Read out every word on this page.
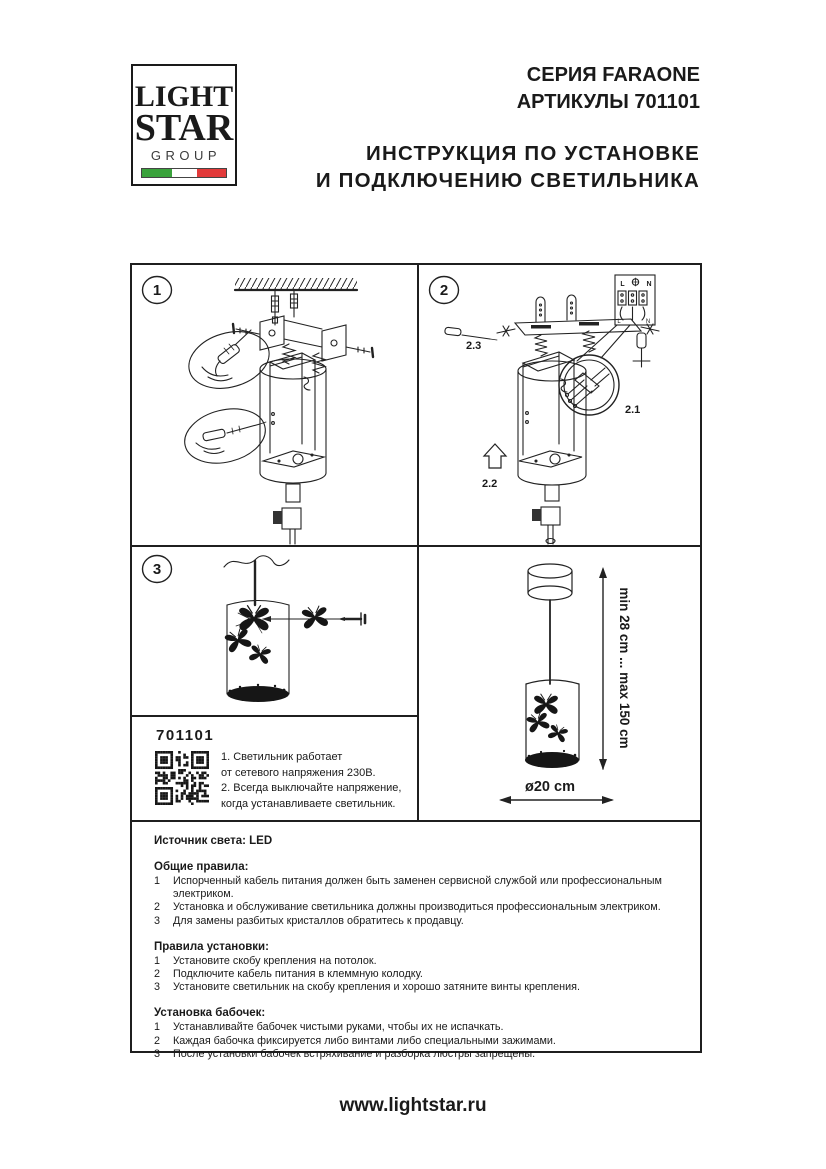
LIGHT
STAR
GROUP
СЕРИЯ FARAONE
АРТИКУЛЫ 701101
ИНСТРУКЦИЯ ПО УСТАНОВКЕ
И ПОДКЛЮЧЕНИЮ СВЕТИЛЬНИКА
1	2	L	N
L	N
2.3
2.1
2.2
3
701101
1. Светильник работает
от сетевого напряжения 230В.
2. Всегда выключайте напряжение,
когда устанавливаете светильник.
min 28 cm ... max 150 cm
ø20 cm
Источник света: LED
Общие правила:
1	Испорченный кабель питания должен быть заменен сервисной службой или профессиональным электриком.
2	Установка и обслуживание светильника должны производиться профессиональным электриком.
3	Для замены разбитых кристаллов обратитесь к продавцу.
Правила установки:
1	Установите скобу крепления на потолок.
2	Подключите кабель питания в клеммную колодку.
3	Установите светильник на скобу крепления и хорошо затяните винты крепления.
Установка бабочек:
1	Устанавливайте бабочек чистыми руками, чтобы их не испачкать.
2	Каждая бабочка фиксируется либо винтами либо специальными зажимами.
3	После установки бабочек встряхивание и разборка люстры запрещены.
www.lightstar.ru
